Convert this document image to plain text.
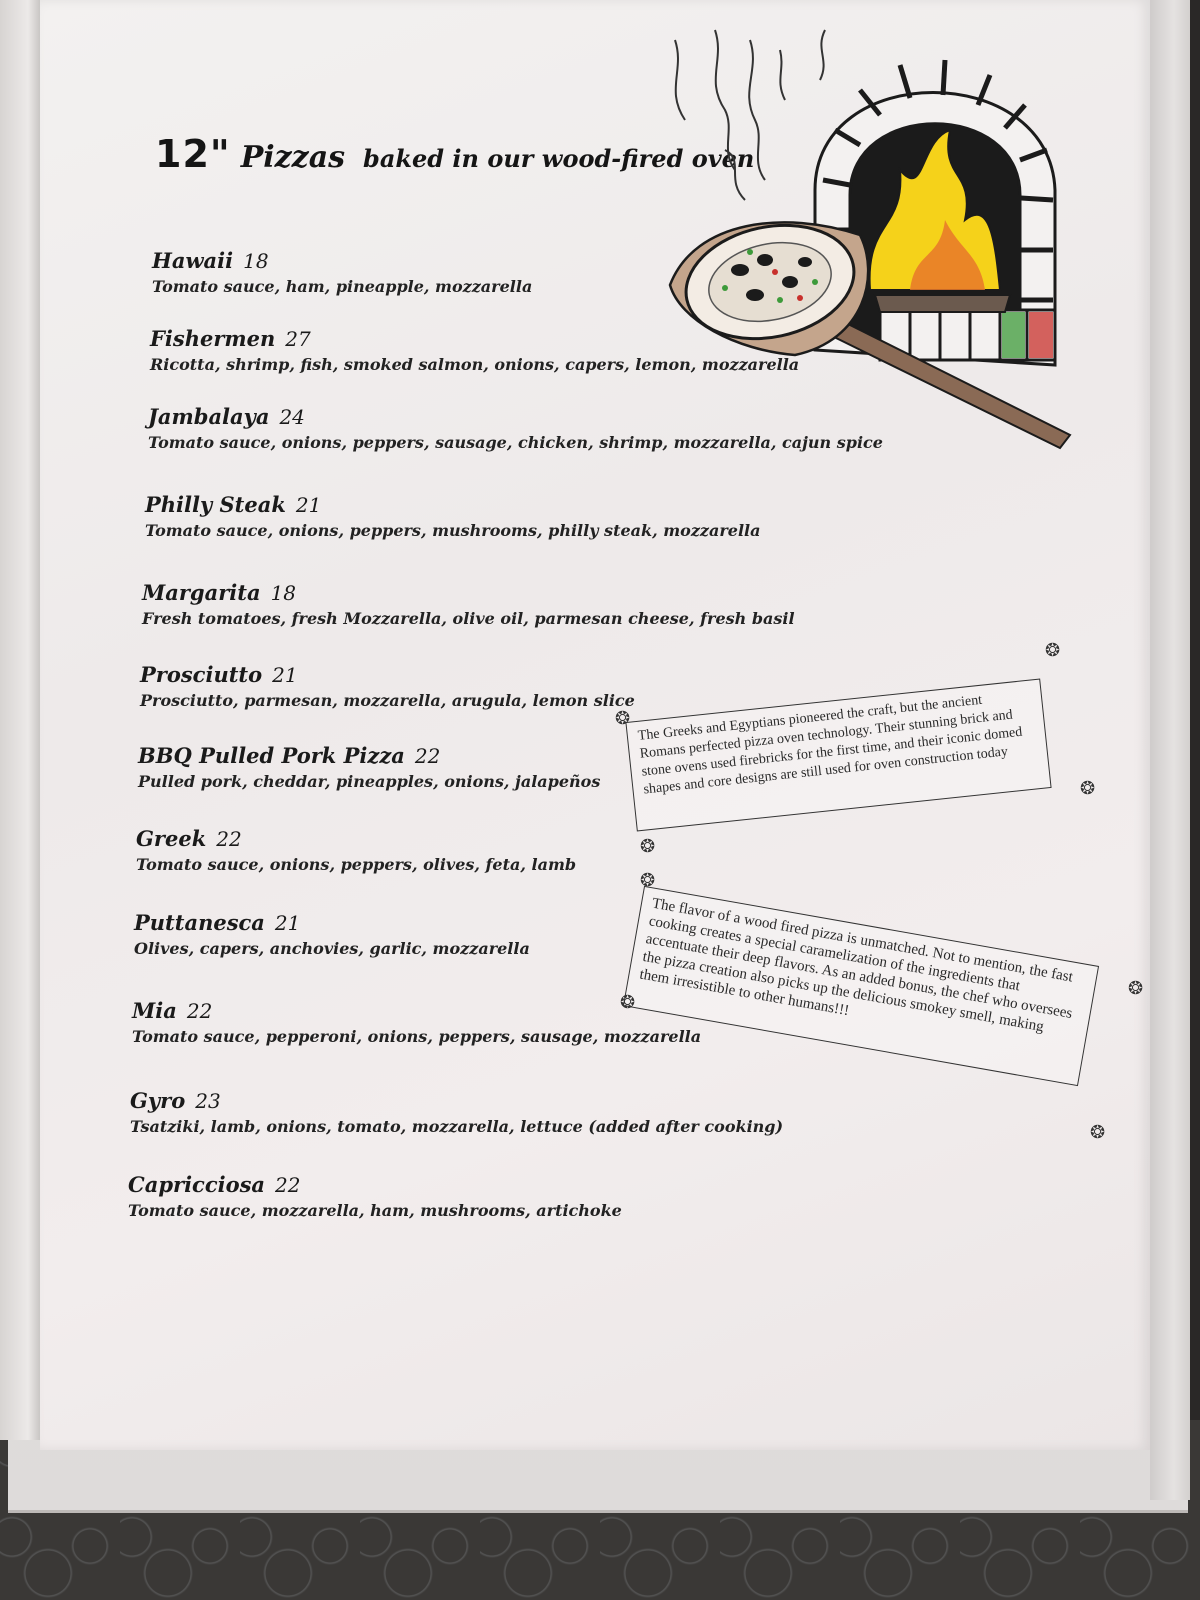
12" Pizzas baked in our wood-fired oven
Hawaii 18
Tomato sauce, ham, pineapple, mozzarella
Fishermen 27
Ricotta, shrimp, fish, smoked salmon, onions, capers, lemon, mozzarella
Jambalaya 24
Tomato sauce, onions, peppers, sausage, chicken, shrimp, mozzarella, cajun spice
Philly Steak 21
Tomato sauce, onions, peppers, mushrooms, philly steak, mozzarella
Margarita 18
Fresh tomatoes, fresh Mozzarella, olive oil, parmesan cheese, fresh basil
Prosciutto 21
Prosciutto, parmesan, mozzarella, arugula, lemon slice
BBQ Pulled Pork Pizza 22
Pulled pork, cheddar, pineapples, onions, jalapeños
Greek 22
Tomato sauce, onions, peppers, olives, feta, lamb
Puttanesca 21
Olives, capers, anchovies, garlic, mozzarella
Mia 22
Tomato sauce, pepperoni, onions, peppers, sausage, mozzarella
Gyro 23
Tsatziki, lamb, onions, tomato, mozzarella, lettuce (added after cooking)
Capricciosa 22
Tomato sauce, mozzarella, ham, mushrooms, artichoke

The Greeks and Egyptians pioneered the craft, but the ancient Romans perfected pizza oven technology. Their stunning brick and stone ovens used firebricks for the first time, and their iconic domed shapes and core designs are still used for oven construction today

❂
❂
❂
❂

The flavor of a wood fired pizza is unmatched. Not to mention, the fast cooking creates a special caramelization of the ingredients that accentuate their deep flavors. As an added bonus, the chef who oversees the pizza creation also picks up the delicious smokey smell, making them irresistible to other humans!!!

❂
❂
❂
❂
